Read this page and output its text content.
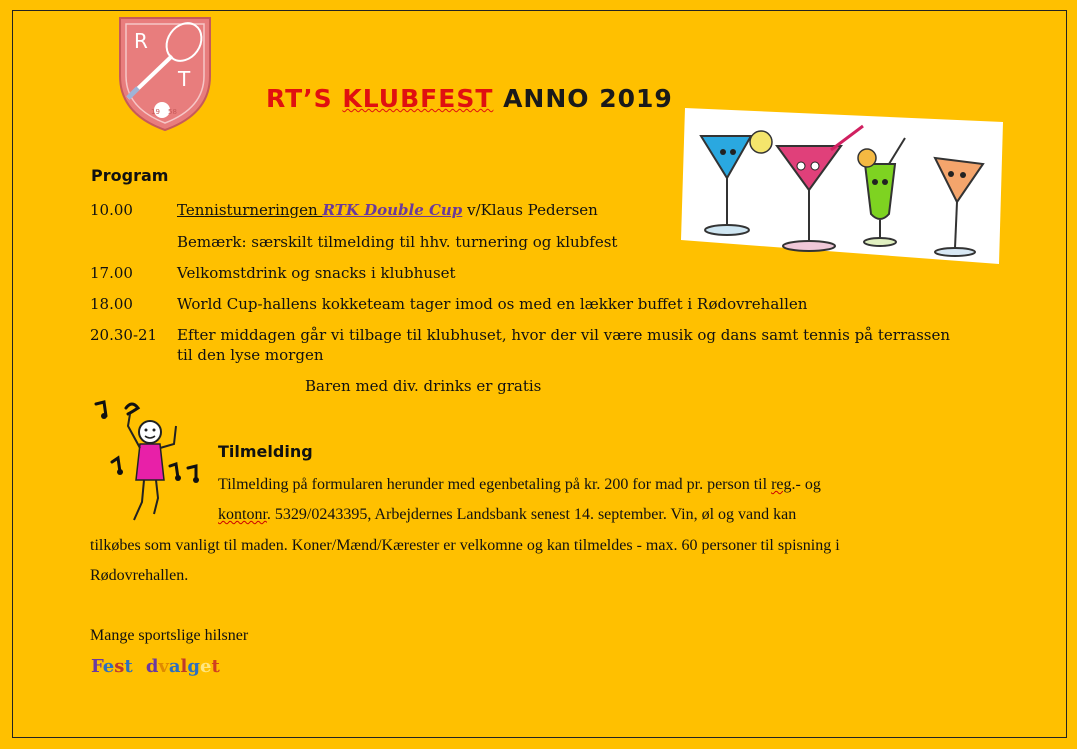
R
T
19 58	RT’S KLUBFEST ANNO 2019
Program
10.00	Tennisturneringen RTK Double Cup v/Klaus Pedersen
Bemærk: særskilt tilmelding til hhv. turnering og klubfest
17.00	Velkomstdrink og snacks i klubhuset
18.00	World Cup-hallens kokketeam tager imod os med en lækker buffet i Rødovrehallen
20.30-21 Efter middagen går vi tilbage til klubhuset, hvor der vil være musik og dans samt tennis på terrassen
til den lyse morgen
Baren med div. drinks er gratis
Tilmelding
Tilmelding på formularen herunder med egenbetaling på kr. 200 for mad pr. person til reg.- og
kontonr. 5329/0243395, Arbejdernes Landsbank senest 14. september. Vin, øl og vand kan
tilkøbes som vanligt til maden. Koner/Mænd/Kærester er velkomne og kan tilmeldes - max. 60 personer til spisning i
Rødovrehallen.
Mange sportslige hilsner
Festudvalget
